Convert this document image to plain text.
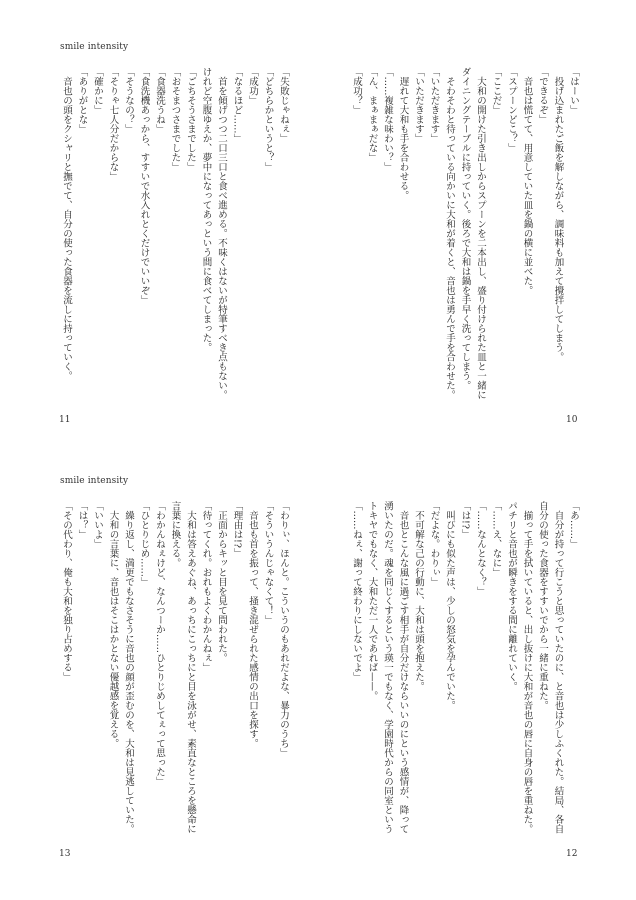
smile intensity
「失敗じゃねぇ」
「どちらかというと？」
「成功」
「なるほど……」
　首を傾げつつ二口三口と食べ進める。不味くはないが特筆すべき点もない。
けれど空腹ゆえか、夢中になってあっという間に食べてしまった。
「ごちそうさまでした」
「おそまつさまでした」
「食器洗うね」
「食洗機あっから、すすいで水入れとくだけでいいぞ」
「そうなの？」
「そりゃ七人分だからな」
「確かに」
「ありがとな」
　音也の頭をクシャリと撫でて、自分の使った食器を流しに持っていく。	「はーい」
　投げ込まれたご飯を解しながら、調味料も加えて攪拌してしまう。
「できるぞ」
　音也は慌てて、用意していた皿を鍋の横に並べた。
「スプーンどこ？」
「ここだ」
　大和の開けた引き出しからスプーンを二本出し、盛り付けられた皿と一緒に
ダイニングテーブルに持っていく。後ろで大和は鍋を手早く洗ってしまう。
　そわそわと待っている向かいに大和が着くと、音也は勇んで手を合わせた。
「いただきます」
「いただきます」
　遅れて大和も手を合わせる。
「……複雑な味わい？」
「ん、まぁまぁだな」
「成功？」
11	10
smile intensity
「わりぃ、ほんと。こういうのもあれだよな、暴力のうち」
「そういうんじゃなくて！」
　音也も首を振って、掻き混ぜられた感情の出口を探す。
「理由は!?」
　正面からキッと目を見て問われた。
「待ってくれ。おれもよくわかんねぇ」
　大和は答えあぐね、あっちにこっちにと目を泳がせ、素直なところを懸命に
言葉に換える。
「わかんねぇけど、なんつーか……ひとりじめしてぇって思った」
「ひとりじめ……」
　繰り返し、満更でもなさそうに音也の顔が歪むのを、大和は見逃していた。
　大和の言葉に、音也はそこはかとない優越感を覚える。
「いいよ」
「は？」
「その代わり、俺も大和を独り占めする」	「あ……」
　自分が持って行こうと思っていたのに、と音也は少しふくれた。結局、各自
自分の使った食器をすすいでから一緒に重ねた。
　揃って手を拭いていると、出し抜けに大和が音也の唇に自身の唇を重ねた。
パチリと音也が瞬きをする間に離れていく。
「……え、なに」
「……なんとなく？」
「は!?」
　叫びにも似た声は、少しの怒気を孕んでいた。
「だよな。わりぃ」
　不可解な己の行動に、大和は頭を抱えた。
　音也とこんな風に過ごす相手が自分だけならいいのにという感情が、降って
湧いたのだ。魂を同じくするという瑛一でもなく、学園時代からの同室という
トキヤでもなく、大和ただ一人であれば——。
「……ねぇ、謝って終わりにしないでよ」
13	12
